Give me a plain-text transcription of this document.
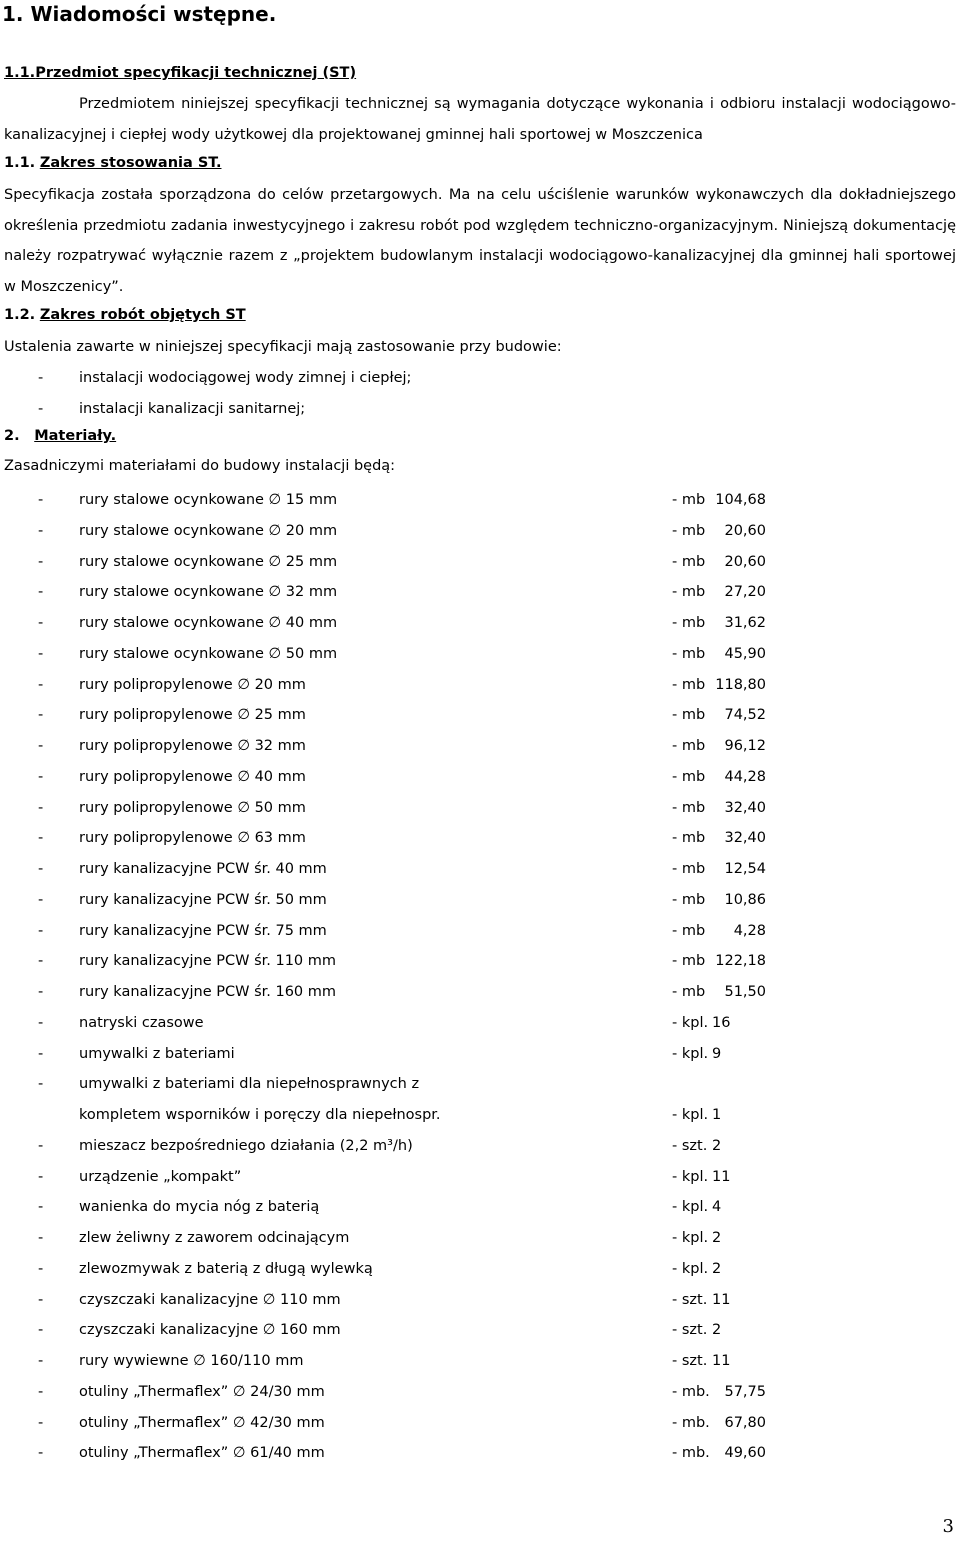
1. Wiadomości wstępne.
1.1.Przedmiot specyfikacji technicznej (ST)
Przedmiotem niniejszej specyfikacji technicznej są wymagania dotyczące wykonania i odbioru instalacji wodociągowo-kanalizacyjnej i ciepłej wody użytkowej dla projektowanej gminnej hali sportowej w Moszczenica
1.1. Zakres stosowania ST.
Specyfikacja została sporządzona do celów przetargowych. Ma na celu uściślenie warunków wykonawczych dla dokładniejszego określenia przedmiotu zadania inwestycyjnego i zakresu robót pod względem techniczno-organizacyjnym. Niniejszą dokumentację należy rozpatrywać wyłącznie razem z „projektem budowlanym instalacji wodociągowo-kanalizacyjnej dla gminnej hali sportowej w Moszczenicy”.
1.2. Zakres robót objętych ST
Ustalenia zawarte w niniejszej specyfikacji mają zastosowanie przy budowie:
- instalacji wodociągowej wody zimnej i ciepłej;
- instalacji kanalizacji sanitarnej;
2. Materiały.
Zasadniczymi materiałami do budowy instalacji będą:
- rury stalowe ocynkowane ∅ 15 mm	- mb 104,68
- rury stalowe ocynkowane ∅ 20 mm	- mb	20,60
- rury stalowe ocynkowane ∅ 25 mm	- mb	20,60
- rury stalowe ocynkowane ∅ 32 mm	- mb	27,20
- rury stalowe ocynkowane ∅ 40 mm	- mb	31,62
- rury stalowe ocynkowane ∅ 50 mm	- mb	45,90
- rury polipropylenowe ∅ 20 mm	- mb 118,80
- rury polipropylenowe ∅ 25 mm	- mb	74,52
- rury polipropylenowe ∅ 32 mm	- mb	96,12
- rury polipropylenowe ∅ 40 mm	- mb	44,28
- rury polipropylenowe ∅ 50 mm	- mb	32,40
- rury polipropylenowe ∅ 63 mm	- mb	32,40
- rury kanalizacyjne PCW śr. 40 mm	- mb	12,54
- rury kanalizacyjne PCW śr. 50 mm	- mb	10,86
- rury kanalizacyjne PCW śr. 75 mm	- mb	4,28
- rury kanalizacyjne PCW śr. 110 mm	- mb 122,18
- rury kanalizacyjne PCW śr. 160 mm	- mb	51,50
- natryski czasowe	- kpl. 16
- umywalki z bateriami	- kpl. 9
- umywalki z bateriami dla niepełnosprawnych z
kompletem wsporników i poręczy dla niepełnospr.	- kpl. 1
- mieszacz bezpośredniego działania (2,2 m³/h)	- szt. 2
- urządzenie „kompakt”	- kpl. 11
- wanienka do mycia nóg z baterią	- kpl. 4
- zlew żeliwny z zaworem odcinającym	- kpl. 2
- zlewozmywak z baterią z długą wylewką	- kpl. 2
- czyszczaki kanalizacyjne ∅ 110 mm	- szt. 11
- czyszczaki kanalizacyjne ∅ 160 mm	- szt. 2
- rury wywiewne ∅ 160/110 mm	- szt. 11
- otuliny „Thermaflex” ∅ 24/30 mm	- mb.	57,75
- otuliny „Thermaflex” ∅ 42/30 mm	- mb.	67,80
- otuliny „Thermaflex” ∅ 61/40 mm	- mb.	49,60
3
